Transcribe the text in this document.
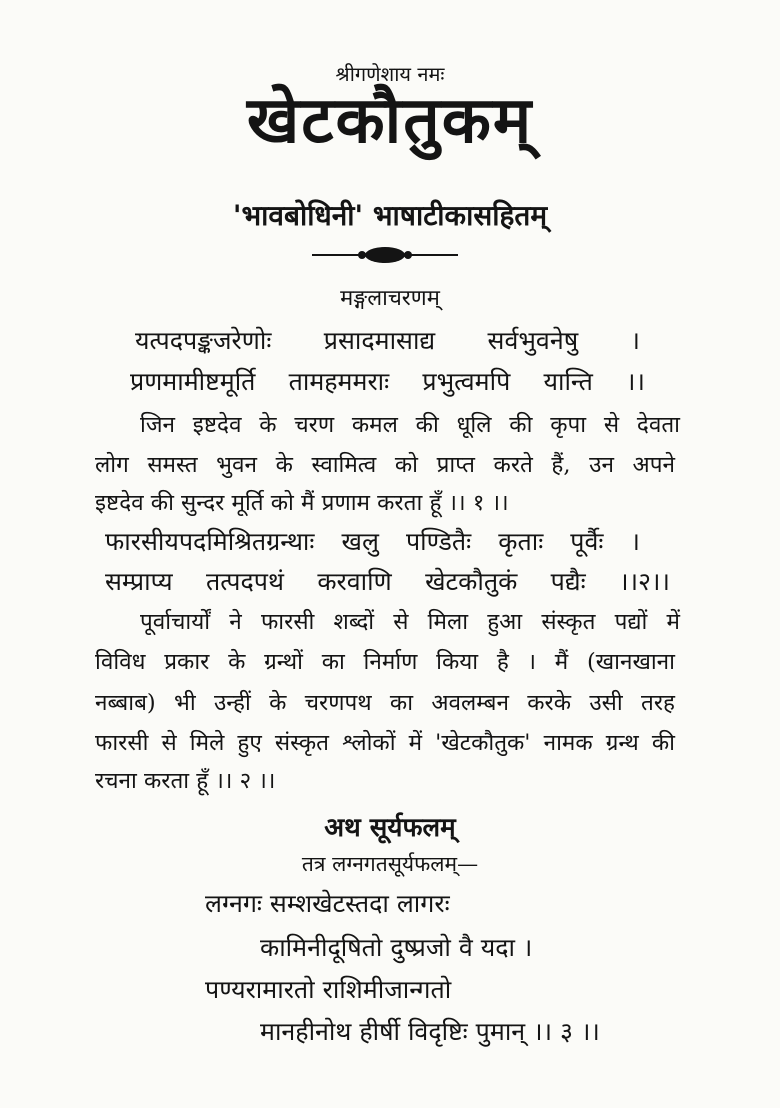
श्रीगणेशाय नमः
खेटकौतुकम्
'भावबोधिनी' भाषाटीकासहितम्
मङ्गलाचरणम्
यत्पदपङ्कजरेणोः प्रसादमासाद्य सर्वभुवनेषु ।
प्रणमामीष्टमूर्ति तामहममराः प्रभुत्वमपि यान्ति ।।
जिन इष्टदेव के चरण कमल की धूलि की कृपा से देवता
लोग समस्त भुवन के स्वामित्व को प्राप्त करते हैं, उन अपने
इष्टदेव की सुन्दर मूर्ति को मैं प्रणाम करता हूँ ।। १ ।।
फारसीयपदमिश्रितग्रन्थाः खलु पण्डितैः कृताः पूर्वैः ।
सम्प्राप्य तत्पदपथं करवाणि खेटकौतुकं पद्यैः ।।२।।
पूर्वाचार्यों ने फारसी शब्दों से मिला हुआ संस्कृत पद्यों में
विविध प्रकार के ग्रन्थों का निर्माण किया है । मैं (खानखाना
नब्बाब) भी उन्हीं के चरणपथ का अवलम्बन करके उसी तरह
फारसी से मिले हुए संस्कृत श्लोकों में 'खेटकौतुक' नामक ग्रन्थ की
रचना करता हूँ ।। २ ।।
अथ सूर्यफलम्
तत्र लग्नगतसूर्यफलम्—
लग्नगः सम्शखेटस्तदा लागरः
कामिनीदूषितो दुष्प्रजो वै यदा ।
पण्यरामारतो राशिमीजान्गतो
मानहीनोथ हीर्षी विदृष्टिः पुमान् ।। ३ ।।
